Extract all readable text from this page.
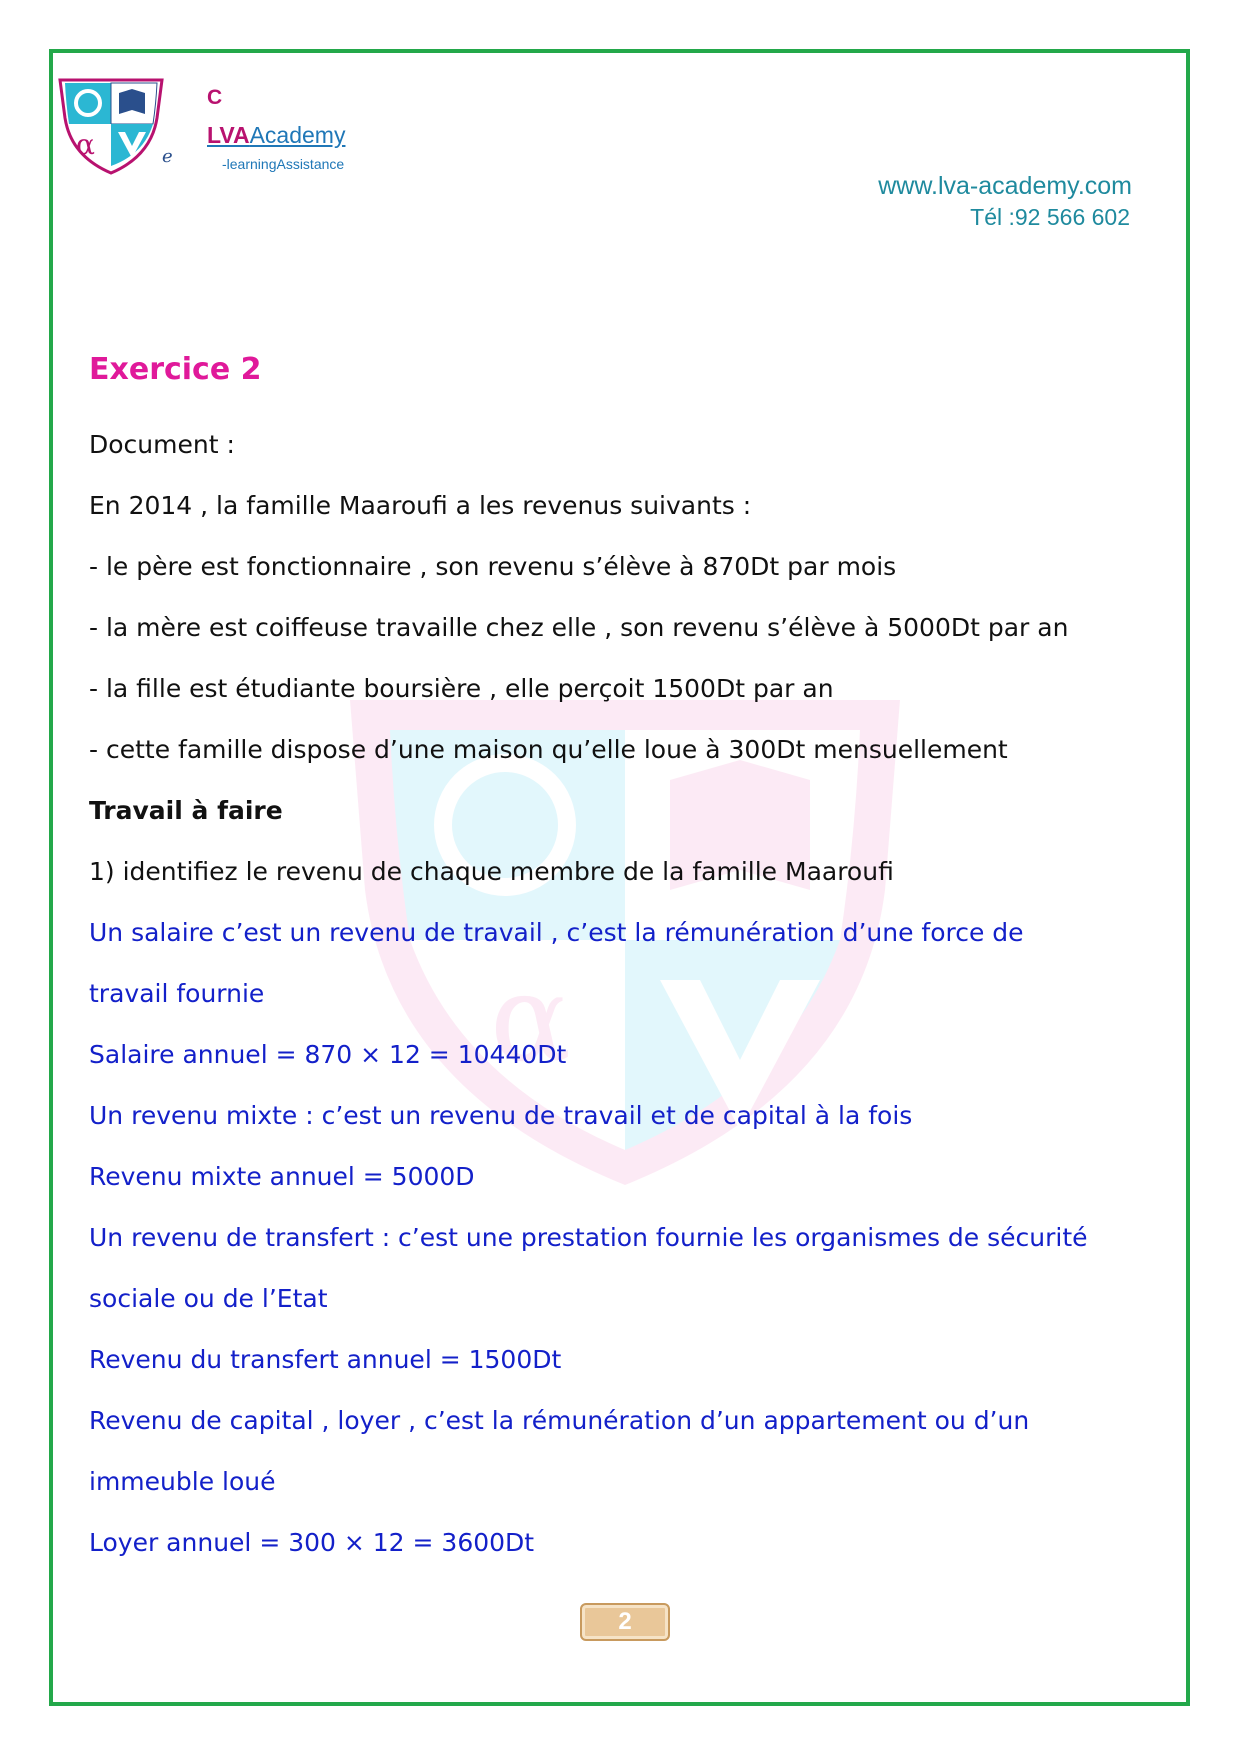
α
α	e
C
LVAAcademy
-learningAssistance
www.lva-academy.com
Tél :92 566 602
Exercice 2
Document :
En 2014 , la famille Maaroufi a les revenus suivants :
- le père est fonctionnaire , son revenu s’élève à 870Dt par mois
- la mère est coiffeuse travaille chez elle , son revenu s’élève à 5000Dt par an
- la fille est étudiante boursière , elle perçoit 1500Dt par an
- cette famille dispose d’une maison qu’elle loue à 300Dt mensuellement
Travail à faire
1) identifiez le revenu de chaque membre de la famille Maaroufi
Un salaire c’est un revenu de travail , c’est la rémunération d’une force de
travail fournie
Salaire annuel = 870 × 12 = 10440Dt
Un revenu mixte : c’est un revenu de travail et de capital à la fois
Revenu mixte annuel = 5000D
Un revenu de transfert : c’est une prestation fournie les organismes de sécurité
sociale ou de l’Etat
Revenu du transfert annuel = 1500Dt
Revenu de capital , loyer , c’est la rémunération d’un appartement ou d’un
immeuble loué
Loyer annuel = 300 × 12 = 3600Dt
2
